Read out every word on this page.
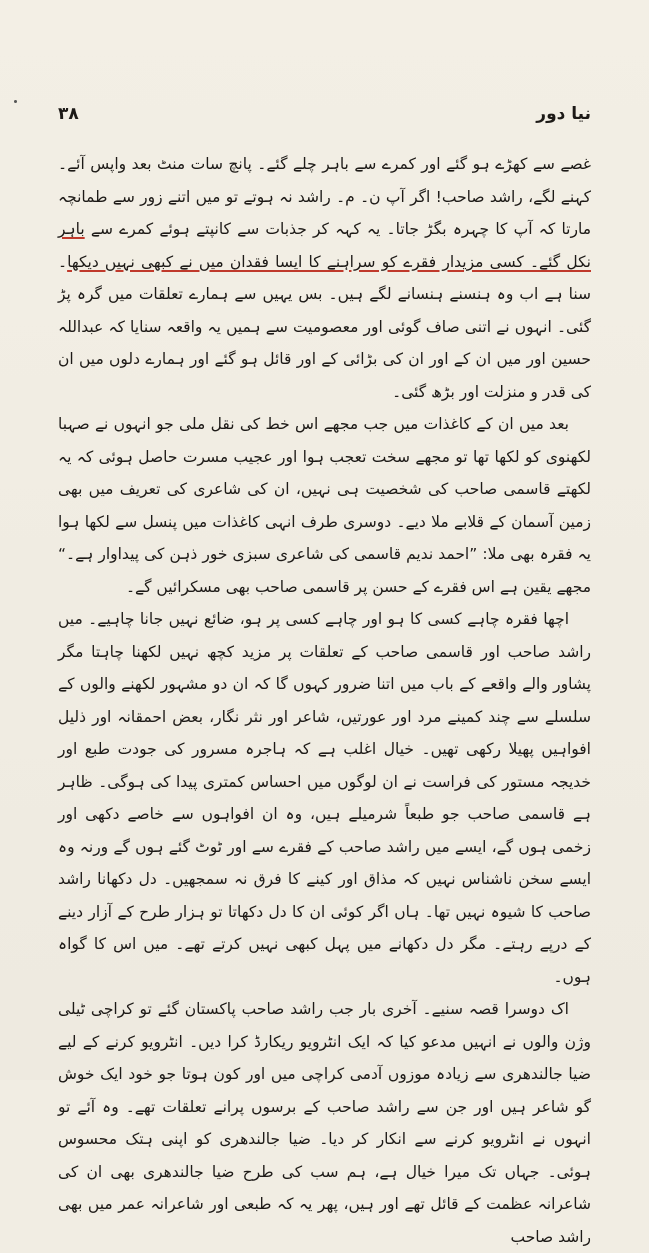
نیا دور
۳۸

غصے سے کھڑے ہو گئے اور کمرے سے باہر چلے گئے۔ پانچ سات منٹ بعد واپس آئے۔ کہنے لگے، راشد صاحب! اگر آپ ن۔ م۔ راشد نہ ہوتے تو میں اتنے زور سے طمانچہ مارتا کہ آپ کا چہرہ بگڑ جاتا۔ یہ کہہ کر جذبات سے کانپتے ہوئے کمرے سے باہر نکل گئے۔ کسی مزیدار فقرے کو سراہنے کا ایسا فقدان میں نے کبھی نہیں دیکھا۔ سنا ہے اب وہ ہنسنے ہنسانے لگے ہیں۔ بس یہیں سے ہمارے تعلقات میں گرہ پڑ گئی۔ انہوں نے اتنی صاف گوئی اور معصومیت سے ہمیں یہ واقعہ سنایا کہ عبداللہ حسین اور میں ان کے اور ان کی بڑائی کے اور قائل ہو گئے اور ہمارے دلوں میں ان کی قدر و منزلت اور بڑھ گئی۔

بعد میں ان کے کاغذات میں جب مجھے اس خط کی نقل ملی جو انہوں نے صہبا لکھنوی کو لکھا تھا تو مجھے سخت تعجب ہوا اور عجیب مسرت حاصل ہوئی کہ یہ لکھتے قاسمی صاحب کی شخصیت ہی نہیں، ان کی شاعری کی تعریف میں بھی زمین آسمان کے قلابے ملا دیے۔ دوسری طرف انہی کاغذات میں پنسل سے لکھا ہوا یہ فقرہ بھی ملا: ”احمد ندیم قاسمی کی شاعری سبزی خور ذہن کی پیداوار ہے۔“ مجھے یقین ہے اس فقرے کے حسن پر قاسمی صاحب بھی مسکرائیں گے۔

اچھا فقرہ چاہے کسی کا ہو اور چاہے کسی پر ہو، ضائع نہیں جانا چاہیے۔ میں راشد صاحب اور قاسمی صاحب کے تعلقات پر مزید کچھ نہیں لکھنا چاہتا مگر پشاور والے واقعے کے باب میں اتنا ضرور کہوں گا کہ ان دو مشہور لکھنے والوں کے سلسلے سے چند کمینے مرد اور عورتیں، شاعر اور نثر نگار، بعض احمقانہ اور ذلیل افواہیں پھیلا رکھی تھیں۔ خیال اغلب ہے کہ ہاجرہ مسرور کی جودت طبع اور خدیجہ مستور کی فراست نے ان لوگوں میں احساس کمتری پیدا کی ہوگی۔ ظاہر ہے قاسمی صاحب جو طبعاً شرمیلے ہیں، وہ ان افواہوں سے خاصے دکھی اور زخمی ہوں گے، ایسے میں راشد صاحب کے فقرے سے اور ٹوٹ گئے ہوں گے ورنہ وہ ایسے سخن ناشناس نہیں کہ مذاق اور کینے کا فرق نہ سمجھیں۔ دل دکھانا راشد صاحب کا شیوہ نہیں تھا۔ ہاں اگر کوئی ان کا دل دکھاتا تو ہزار طرح کے آزار دینے کے درپے رہتے۔ مگر دل دکھانے میں پہل کبھی نہیں کرتے تھے۔ میں اس کا گواہ ہوں۔

اک دوسرا قصہ سنیے۔ آخری بار جب راشد صاحب پاکستان گئے تو کراچی ٹیلی وژن والوں نے انہیں مدعو کیا کہ ایک انٹرویو ریکارڈ کرا دیں۔ انٹرویو کرنے کے لیے ضیا جالندھری سے زیادہ موزوں آدمی کراچی میں اور کون ہوتا جو خود ایک خوش گو شاعر ہیں اور جن سے راشد صاحب کے برسوں پرانے تعلقات تھے۔ وہ آئے تو انہوں نے انٹرویو کرنے سے انکار کر دیا۔ ضیا جالندھری کو اپنی ہتک محسوس ہوئی۔ جہاں تک میرا خیال ہے، ہم سب کی طرح ضیا جالندھری بھی ان کی شاعرانہ عظمت کے قائل تھے اور ہیں، پھر یہ کہ طبعی اور شاعرانہ عمر میں بھی راشد صاحب
